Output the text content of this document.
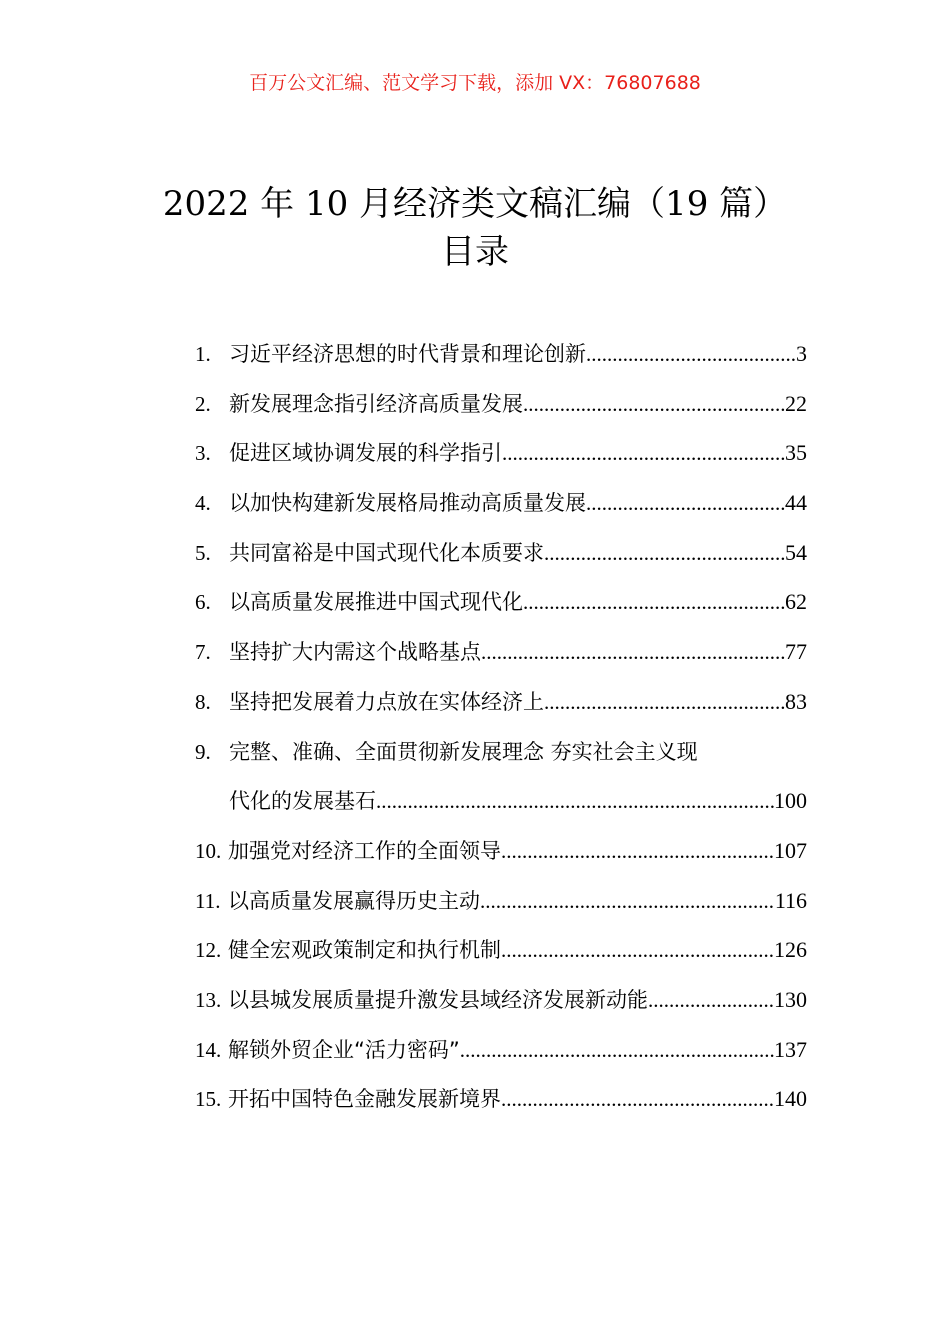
百万公文汇编、范文学习下载，添加 VX：76807688
2022 年 10 月经济类文稿汇编（19 篇）
目录
1. 习近平经济思想的时代背景和理论创新 .....	3
2. 新发展理念指引经济高质量发展 .....	22
3. 促进区域协调发展的科学指引 .....	35
4. 以加快构建新发展格局推动高质量发展 .....	44
5. 共同富裕是中国式现代化本质要求 .....	54
6. 以高质量发展推进中国式现代化 .....	62
7. 坚持扩大内需这个战略基点 .....	77
8. 坚持把发展着力点放在实体经济上 .....	83
9. 完整、准确、全面贯彻新发展理念 夯实社会主义现
代化的发展基石 .....	100
10. 加强党对经济工作的全面领导 .....	107
11. 以高质量发展赢得历史主动 .....	116
12. 健全宏观政策制定和执行机制 .....	126
13. 以县城发展质量提升激发县域经济发展新动能 .....	130
14. 解锁外贸企业“活力密码” .....	137
15. 开拓中国特色金融发展新境界 .....	140
